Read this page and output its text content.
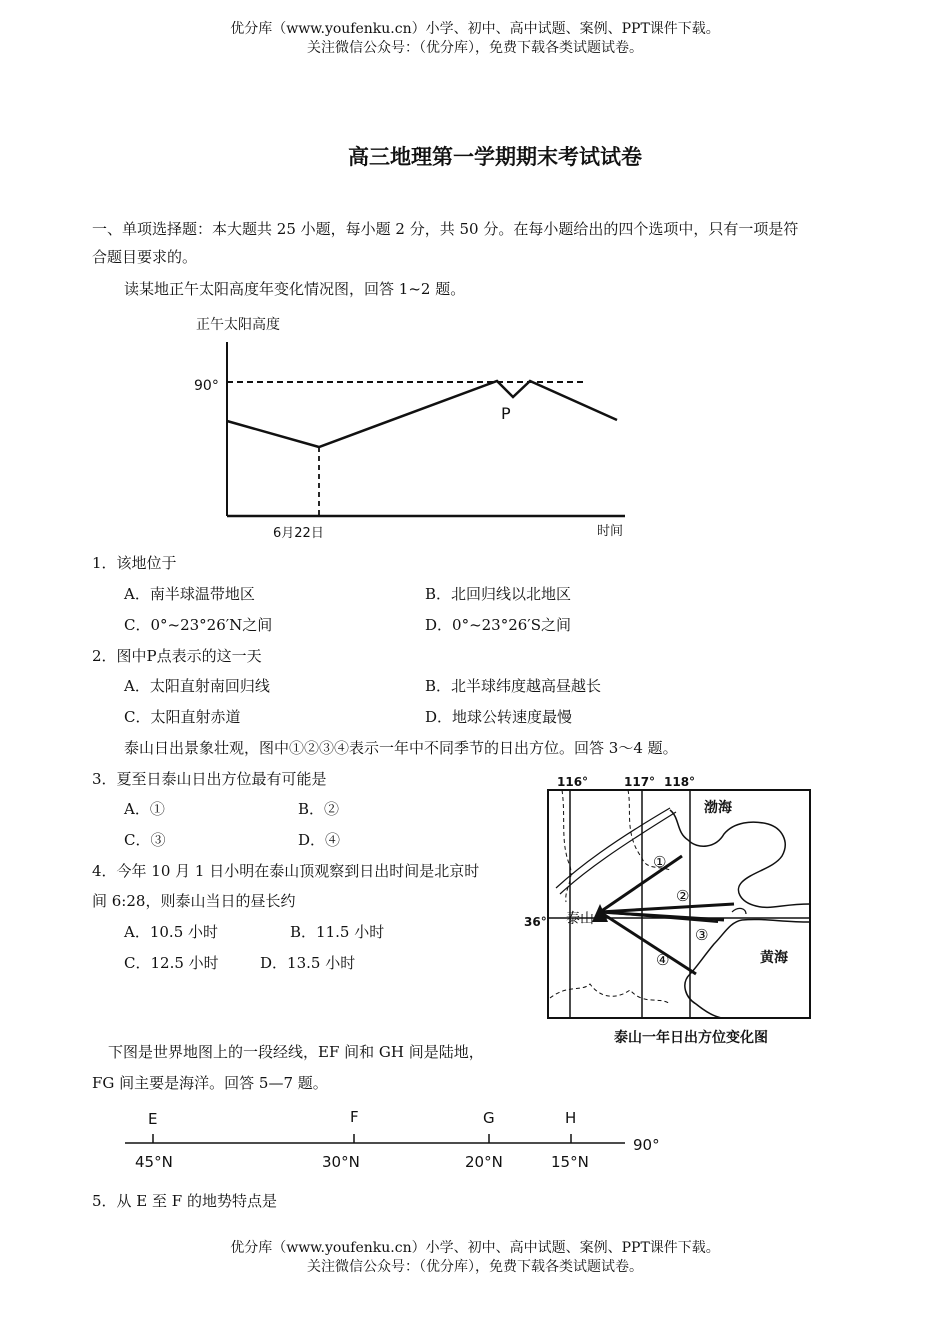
优分库（www.youfenku.cn）小学、初中、高中试题、案例、PPT课件下载。
关注微信公众号：（优分库），免费下载各类试题试卷。
高三地理第一学期期末考试试卷
一、单项选择题：本大题共 25 小题，每小题 2 分，共 50 分。在每小题给出的四个选项中，只有一项是符
合题目要求的。
读某地正午太阳高度年变化情况图，回答 1~2 题。
正午太阳高度
90°
P
6月22日	时间
1．该地位于
A．南半球温带地区	B．北回归线以北地区
C．0°~23°26′N之间	D．0°~23°26′S之间
2．图中P点表示的这一天
A．太阳直射南回归线	B．北半球纬度越高昼越长
C．太阳直射赤道	D．地球公转速度最慢
泰山日出景象壮观，图中①②③④表示一年中不同季节的日出方位。回答 3～4 题。
3．夏至日泰山日出方位最有可能是
A．①	B．②
C．③	D．④
4．今年 10 月 1 日小明在泰山顶观察到日出时间是北京时
间 6:28，则泰山当日的昼长约
A．10.5 小时	B．11.5 小时
C．12.5 小时	D．13.5 小时
116°	117° 118°
36° 泰山
①
②
③
④
渤海
黄海
泰山一年日出方位变化图
下图是世界地图上的一段经线，EF 间和 GH 间是陆地，
FG 间主要是海洋。回答 5—7 题。
90°
E
45°N
F
30°N
G
20°N
H
15°N
5．从 E 至 F 的地势特点是
优分库（www.youfenku.cn）小学、初中、高中试题、案例、PPT课件下载。
关注微信公众号：（优分库），免费下载各类试题试卷。
